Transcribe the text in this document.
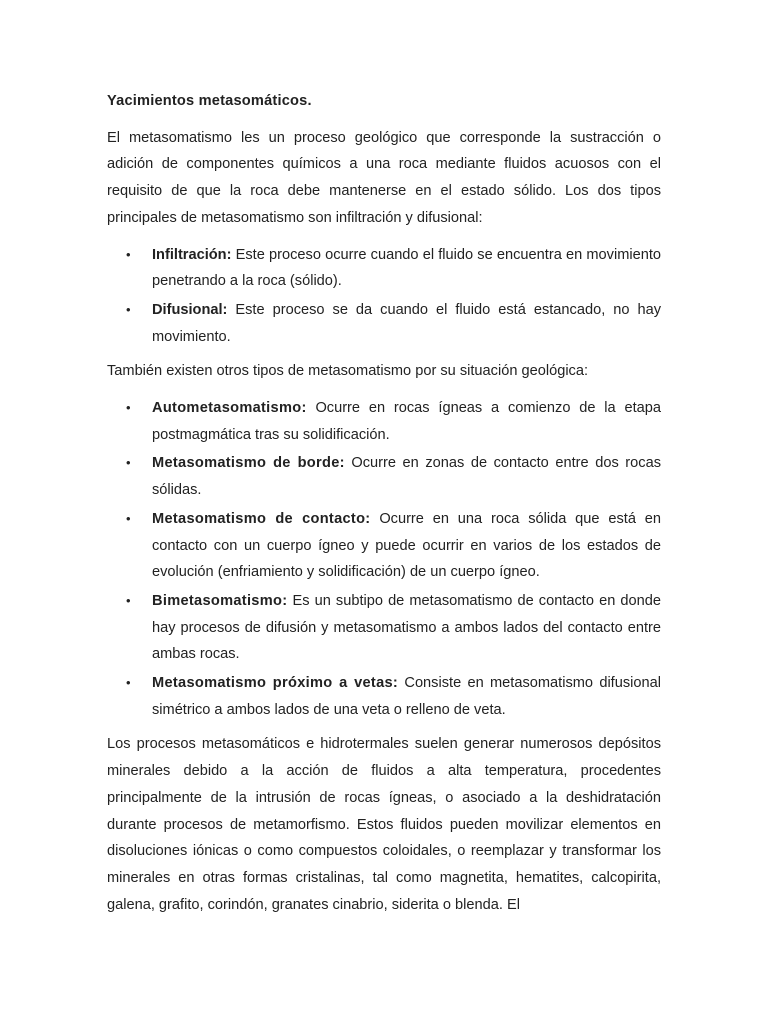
Yacimientos metasomáticos.

El metasomatismo les un proceso geológico que corresponde la sustracción o adición de componentes químicos a una roca mediante fluidos acuosos con el requisito de que la roca debe mantenerse en el estado sólido. Los dos tipos principales de metasomatismo son infiltración y difusional:

• Infiltración: Este proceso ocurre cuando el fluido se encuentra en movimiento penetrando a la roca (sólido).
• Difusional: Este proceso se da cuando el fluido está estancado, no hay movimiento.

También existen otros tipos de metasomatismo por su situación geológica:

• Autometasomatismo: Ocurre en rocas ígneas a comienzo de la etapa postmagmática tras su solidificación.
• Metasomatismo de borde: Ocurre en zonas de contacto entre dos rocas sólidas.
• Metasomatismo de contacto: Ocurre en una roca sólida que está en contacto con un cuerpo ígneo y puede ocurrir en varios de los estados de evolución (enfriamiento y solidificación) de un cuerpo ígneo.
• Bimetasomatismo: Es un subtipo de metasomatismo de contacto en donde hay procesos de difusión y metasomatismo a ambos lados del contacto entre ambas rocas.
• Metasomatismo próximo a vetas: Consiste en metasomatismo difusional simétrico a ambos lados de una veta o relleno de veta.

Los procesos metasomáticos e hidrotermales suelen generar numerosos depósitos minerales debido a la acción de fluidos a alta temperatura, procedentes principalmente de la intrusión de rocas ígneas, o asociado a la deshidratación durante procesos de metamorfismo. Estos fluidos pueden movilizar elementos en disoluciones iónicas o como compuestos coloidales, o reemplazar y transformar los minerales en otras formas cristalinas, tal como magnetita, hematites, calcopirita, galena, grafito, corindón, granates cinabrio, siderita o blenda. El
